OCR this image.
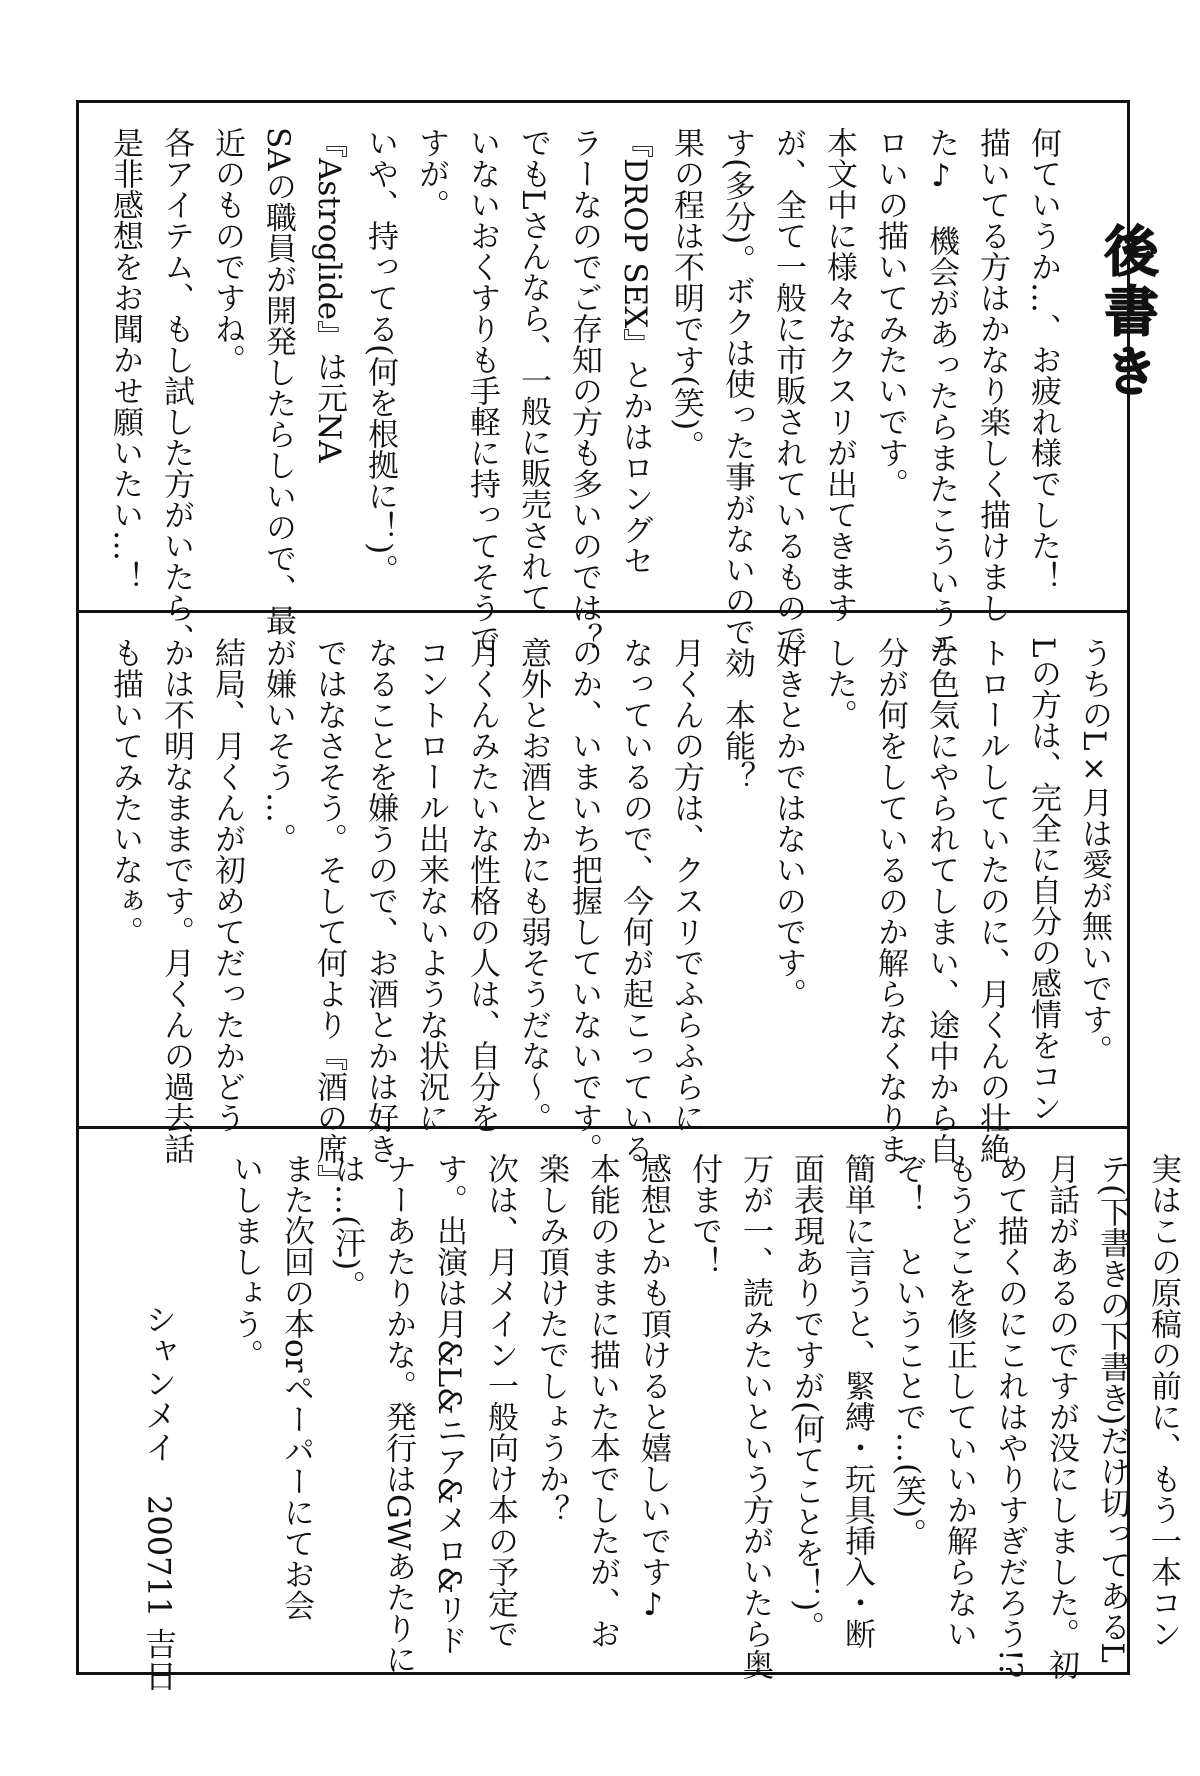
後書き
何ていうか…、お疲れ様でした！
描いてる方はかなり楽しく描けまし
た♪　機会があったらまたこういうエ
ロいの描いてみたいです。
本文中に様々なクスリが出てきます
が、全て一般に市販されているもので
す(多分)。ボクは使った事がないので効
果の程は不明です(笑)。
『DROP SEX』とかはロングセ
ラーなのでご存知の方も多いのでは？
でもLさんなら、一般に販売されて
いないおくすりも手軽に持ってそうで
すが。
いや、持ってる(何を根拠に！)。
『Astroglide』は元NA
SAの職員が開発したらしいので、最
近のものですね。
各アイテム、もし試した方がいたら、
是非感想をお聞かせ願いたい…！
うちのL×月は愛が無いです。
Lの方は、完全に自分の感情をコン
トロールしていたのに、月くんの壮絶
な色気にやられてしまい、途中から自
分が何をしているのか解らなくなりま
した。
好きとかではないのです。
本能？
月くんの方は、クスリでふらふらに
なっているので、今何が起こっている
のか、いまいち把握していないです。
意外とお酒とかにも弱そうだな～。
月くんみたいな性格の人は、自分を
コントロール出来ないような状況に
なることを嫌うので、お酒とかは好き
ではなさそう。そして何より『酒の席』
が嫌いそう…。
結局、月くんが初めてだったかどう
かは不明なままです。月くんの過去話
も描いてみたいなぁ。
実はこの原稿の前に、もう一本コン
テ(下書きの下書き)だけ切ってあるL
月話があるのですが没にしました。初
めて描くのにこれはやりすぎだろう!?
もうどこを修正していいか解らない
ぞ！　ということで…(笑)。
簡単に言うと、緊縛・玩具挿入・断
面表現ありですが(何てことを！)。
万が一、読みたいという方がいたら奥
付まで！
感想とかも頂けると嬉しいです♪
本能のままに描いた本でしたが、お
楽しみ頂けたでしょうか？
次は、月メイン一般向け本の予定で
す。出演は月&L&ニア&メロ&リド
ナーあたりかな。発行はGWあたりに
は…(汗)。
また次回の本orペーパーにてお会
いしましょう。
シャンメイ　200711 吉日
